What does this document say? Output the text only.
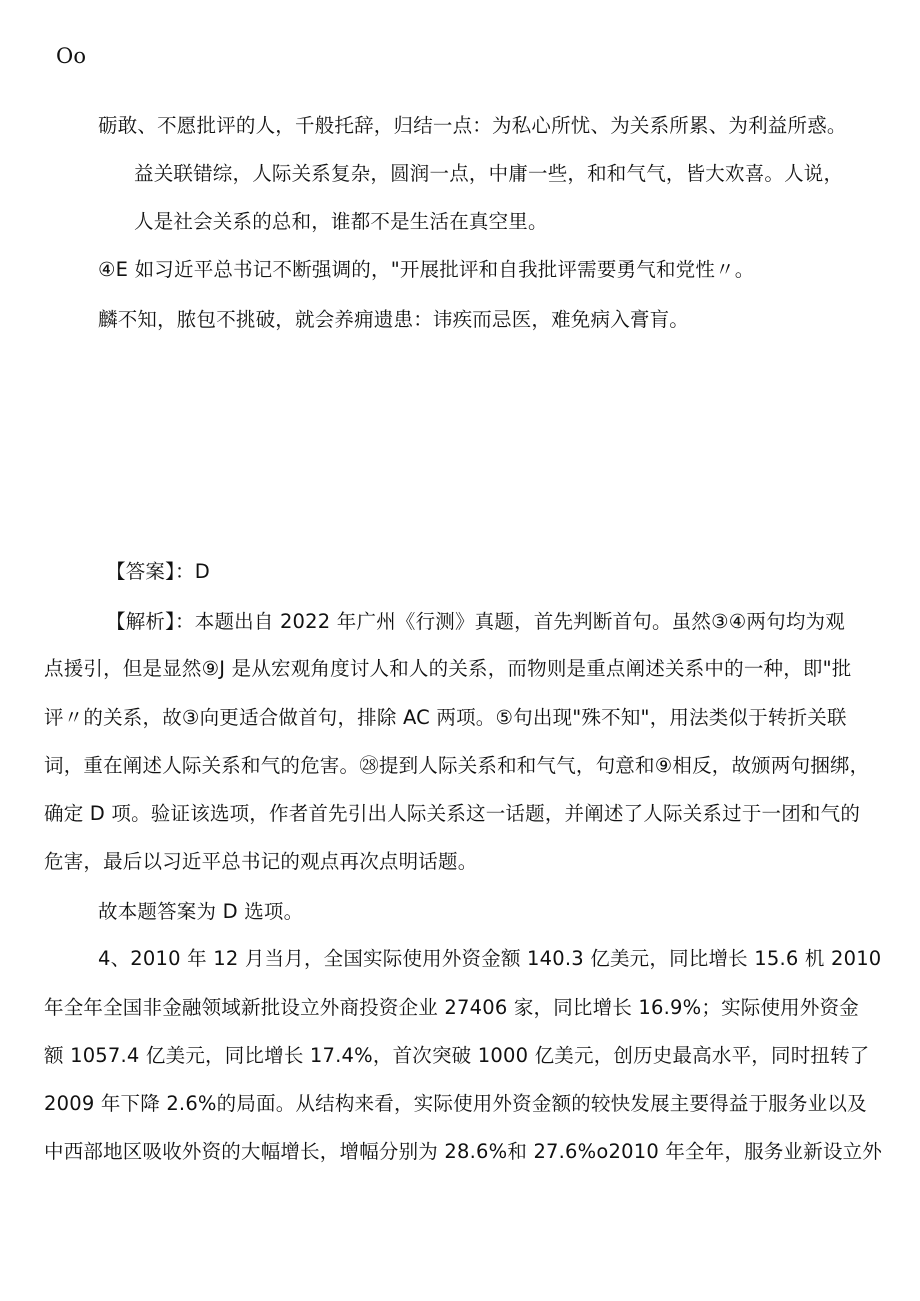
Oo
砺敢、不愿批评的人，千般托辞，归结一点：为私心所忧、为关系所累、为利益所惑。
益关联错综，人际关系复杂，圆润一点，中庸一些，和和气气，皆大欢喜。人说，
人是社会关系的总和，谁都不是生活在真空里。
④E 如习近平总书记不断强调的，"开展批评和自我批评需要勇气和党性〃。
麟不知，脓包不挑破，就会养痈遗患：讳疾而忌医，难免病入膏肓。
【答案】：D
【解析】：本题出自 2022 年广州《行测》真题，首先判断首句。虽然③④两句均为观
点援引，但是显然⑨J 是从宏观角度讨人和人的关系，而物则是重点阐述关系中的一种，即"批
评〃的关系，故③向更适合做首句，排除 AC 两项。⑤句出现"殊不知"，用法类似于转折关联
词，重在阐述人际关系和气的危害。㉘提到人际关系和和气气，句意和⑨相反，故颁两句捆绑，
确定 D 项。验证该选项，作者首先引出人际关系这一话题，并阐述了人际关系过于一团和气的
危害，最后以习近平总书记的观点再次点明话题。
故本题答案为 D 选项。
4、2010 年 12 月当月，全国实际使用外资金额 140.3 亿美元，同比增长 15.6 机 2010
年全年全国非金融领域新批设立外商投资企业 27406 家，同比增长 16.9%；实际使用外资金
额 1057.4 亿美元，同比增长 17.4%，首次突破 1000 亿美元，创历史最高水平，同时扭转了
2009 年下降 2.6%的局面。从结构来看，实际使用外资金额的较快发展主要得益于服务业以及
中西部地区吸收外资的大幅增长，增幅分别为 28.6%和 27.6%o2010 年全年，服务业新设立外
